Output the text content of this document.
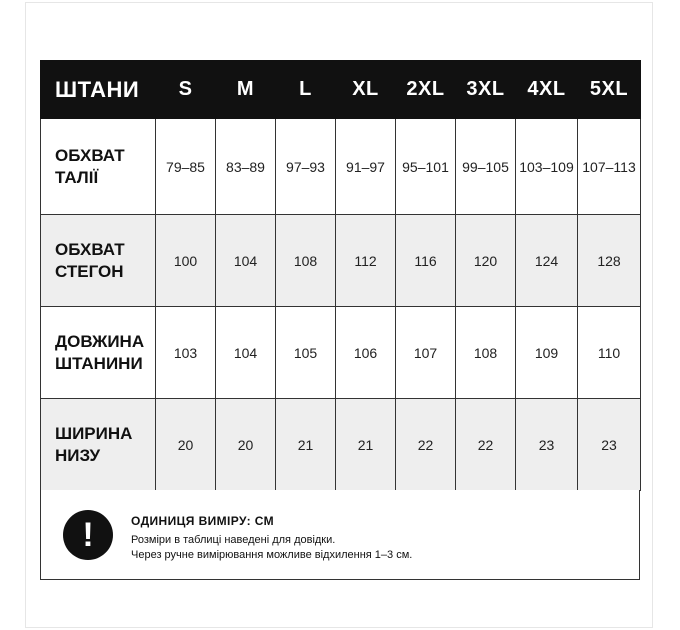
ШТАНИ	S	M	L	XL	2XL	3XL	4XL	5XL

ОБХВАТ
ТАЛІЇ	79–85	83–89	97–93	91–97	95–101	99–105	103–109	107–113

ОБХВАТ
СТЕГОН	100	104	108	112	116	120	124	128

ДОВЖИНА
ШТАНИНИ	103	104	105	106	107	108	109	110

ШИРИНА
НИЗУ	20	20	21	21	22	22	23	23
!	ОДИНИЦЯ ВИМІРУ: СМ
Розміри в таблиці наведені для довідки.
Через ручне вимірювання можливе відхилення 1–3 см.
